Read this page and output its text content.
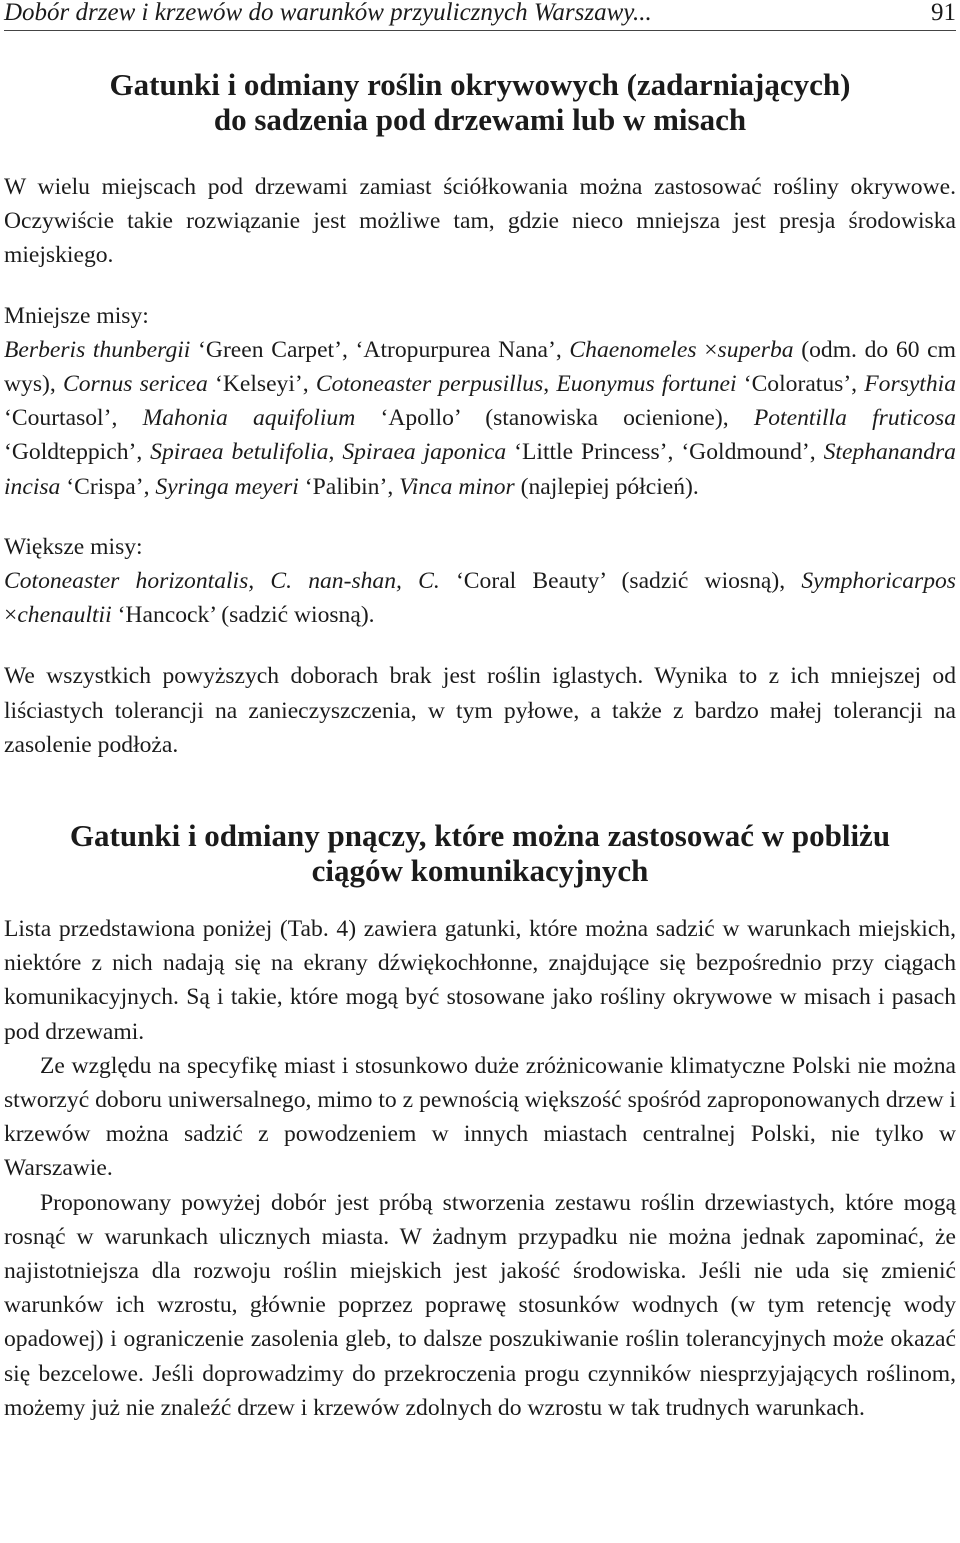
Dobór drzew i krzewów do warunków przyulicznych Warszawy...	91
Gatunki i odmiany roślin okrywowych (zadarniających)
do sadzenia pod drzewami lub w misach

W wielu miejscach pod drzewami zamiast ściółkowania można zastosować rośliny okrywowe. Oczywiście takie rozwiązanie jest możliwe tam, gdzie nieco mniejsza jest presja środowiska miejskiego.

Mniejsze misy:

Berberis thunbergii ‘Green Carpet’, ‘Atropurpurea Nana’, Chaenomeles ×superba (odm. do 60 cm wys), Cornus sericea ‘Kelseyi’, Cotoneaster perpusillus, Euonymus fortunei ‘Coloratus’, Forsythia ‘Courtasol’, Mahonia aquifolium ‘Apollo’ (stanowiska ocienione), Potentilla fruticosa ‘Goldteppich’, Spiraea betulifolia, Spiraea japonica ‘Little Princess’, ‘Goldmound’, Stephanandra incisa ‘Crispa’, Syringa meyeri ‘Palibin’, Vinca minor (najlepiej półcień).

Większe misy:

Cotoneaster horizontalis, C. nan-shan, C. ‘Coral Beauty’ (sadzić wiosną), Symphoricarpos ×chenaultii ‘Hancock’ (sadzić wiosną).

We wszystkich powyższych doborach brak jest roślin iglastych. Wynika to z ich mniejszej od liściastych tolerancji na zanieczyszczenia, w tym pyłowe, a także z bardzo małej tolerancji na zasolenie podłoża.

Gatunki i odmiany pnączy, które można zastosować w pobliżu
ciągów komunikacyjnych

Lista przedstawiona poniżej (Tab. 4) zawiera gatunki, które można sadzić w warunkach miejskich, niektóre z nich nadają się na ekrany dźwiękochłonne, znajdujące się bezpośrednio przy ciągach komunikacyjnych. Są i takie, które mogą być stosowane jako rośliny okrywowe w misach i pasach pod drzewami.

Ze względu na specyfikę miast i stosunkowo duże zróżnicowanie klimatyczne Polski nie można stworzyć doboru uniwersalnego, mimo to z pewnością większość spośród zaproponowanych drzew i krzewów można sadzić z powodzeniem w innych miastach centralnej Polski, nie tylko w Warszawie.

Proponowany powyżej dobór jest próbą stworzenia zestawu roślin drzewiastych, które mogą rosnąć w warunkach ulicznych miasta. W żadnym przypadku nie można jednak zapominać, że najistotniejsza dla rozwoju roślin miejskich jest jakość środowiska. Jeśli nie uda się zmienić warunków ich wzrostu, głównie poprzez poprawę stosunków wodnych (w tym retencję wody opadowej) i ograniczenie zasolenia gleb, to dalsze poszukiwanie roślin tolerancyjnych może okazać się bezcelowe. Jeśli doprowadzimy do przekroczenia progu czynników niesprzyjających roślinom, możemy już nie znaleźć drzew i krzewów zdolnych do wzrostu w tak trudnych warunkach.
